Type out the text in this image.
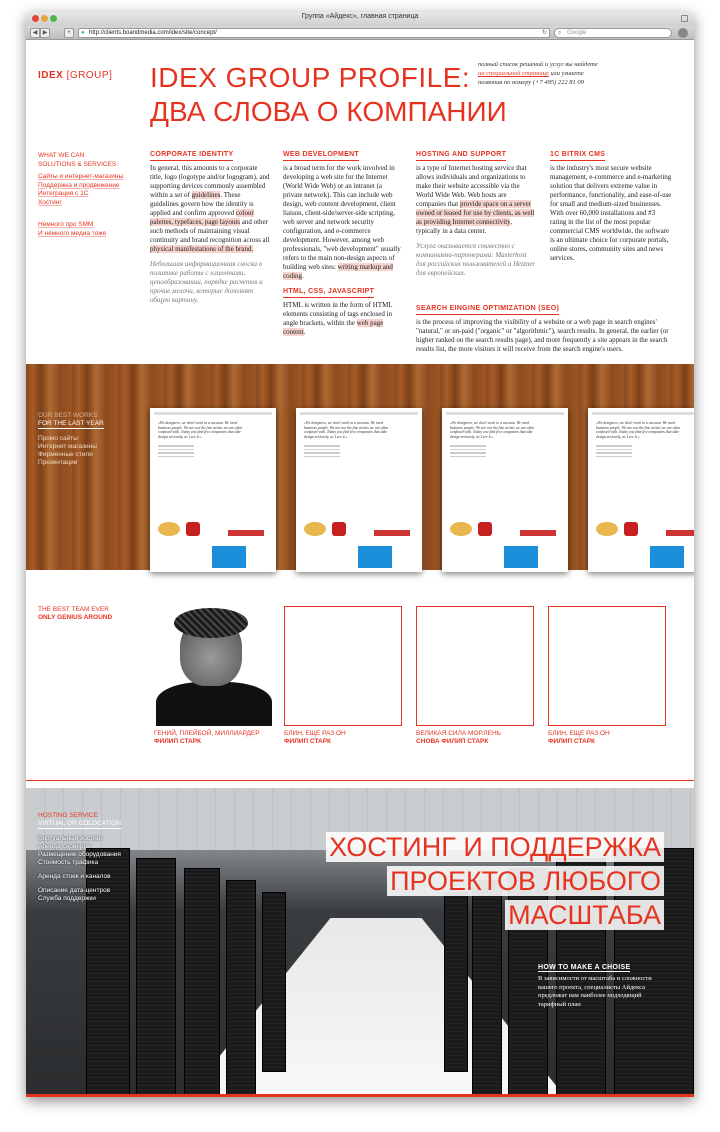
Группа «Айдекс», главная страница
◀ ▶	+	● http://clients.boandmedia.com/idex/site/concept/	↻ ⌕ Google
IDEX [GROUP] IDEX GROUP PROFILE:
ДВА СЛОВА О КОМПАНИИ
полный список решений и услуг вы найдете
на специальной странице или узнаете
позвонив по номеру (+7 495) 222 81 09
WHAT WE CAN
SOLUTIONS & SERVICES
Сайты и интернет-магазины
Поддержка и продвижение
Интеграция с 1С
Хостинг
Немного про SMM
И немного медиа тоже
CORPORATE IDENTITY
In general, this amounts to a corporate title, logo (logotype and/or logogram), and supporting devices commonly assembled within a set of guidelines. These guidelines govern how the identity is applied and confirm approved colour palettes, typefaces, page layouts and other such methods of maintaining visual continuity and brand recognition across all physical manifestations of the brand.
Небольшая информационная сноска о политике работы с клиентами, ценообразовании, порядке расчетов и прочие мелочи, которые дополнят общую картину.
WEB DEVELOPMENT
is a broad term for the work involved in developing a web site for the Internet (World Wide Web) or an intranet (a private network). This can include web design, web content development, client liaison, client-side/server-side scripting, web server and network security configuration, and e-commerce development. However, among web professionals, "web development" usually refers to the main non-design aspects of building web sites: writing markup and coding.
HTML, CSS, JAVASCRIPT
HTML is written in the form of HTML elements consisting of tags enclosed in angle brackets, within the web page content.
HOSTING AND SUPPORT
is a type of Internet hosting service that allows individuals and organizations to make their website accessible via the World Wide Web. Web hosts are companies that provide space on a server owned or leased for use by clients, as well as providing Internet connectivity, typically in a data center.
Услуга оказывается совместно с компаниями-партнерами: Masterhost для российских пользователей и Hetzner для европейских.
1C BITRIX CMS
is the industry's most secure website management, e-commerce and e-marketing solution that delivers extreme value in performance, functionality, and ease-of-use for small and medium-sized businesses. With over 60,000 installations and #3 rating in the list of the most popular commercial CMS worldwide, the software is an ultimate choice for corporate portals, online stores, community sites and news services.
SEARCH EINGINE OPTIMIZATION (SEO)
is the process of improving the visibility of a website or a web page in search engines' "natural," or un-paid ("organic" or "algorithmic"), search results. In general, the earlier (or higher ranked on the search results page), and more frequently a site appears in the search results list, the more visitors it will receive from the search engine's users.
OUR BEST WORKS
FOR THE LAST YEAR
Промо сайты
Интернет магазины
Фирменные стили
Презентации
«We designers, we don't work in a vacuum. We need business people. We are not the fine artists we are often confused with. Today you find few companies that take design seriously, as I see it.»
«We designers, we don't work in a vacuum. We need business people. We are not the fine artists we are often confused with. Today you find few companies that take design seriously, as I see it.»
«We designers, we don't work in a vacuum. We need business people. We are not the fine artists we are often confused with. Today you find few companies that take design seriously, as I see it.»
«We designers, we don't work in a vacuum. We need business people. We are not the fine artists we are often confused with. Today you find few companies that take design seriously, as I see it.»
THE BEST TEAM EVER
ONLY GENIUS AROUND
ГЕНИЙ, ПЛЕЙБОЙ, МИЛЛИАРДЕР
ФИЛИП СТАРК
БЛИН, ЕЩЕ РАЗ ОН
ФИЛИП СТАРК
ВЕЛИКАЯ СИЛА МОР.ЛЕНЬ
СНОВА ФИЛИП СТАРК
БЛИН, ЕЩЕ РАЗ ОН
ФИЛИП СТАРК
HOSTING SERVICE
VIRTUAL OR COLOCATION
Виртуальный хостинг
Аренда серверов
Размещение оборудования
Стоимость трафика
Аренда стоек и каналов
Описание дата-центров
Служба поддержки
ХОСТИНГ И ПОДДЕРЖКА
ПРОЕКТОВ ЛЮБОГО
МАСШТАБА
HOW TO MAKE A CHOISE
В зависимости от масштаба и сложности вашего проекта, специалисты Айдекса предложат вам наиболее подходящий тарифный план
